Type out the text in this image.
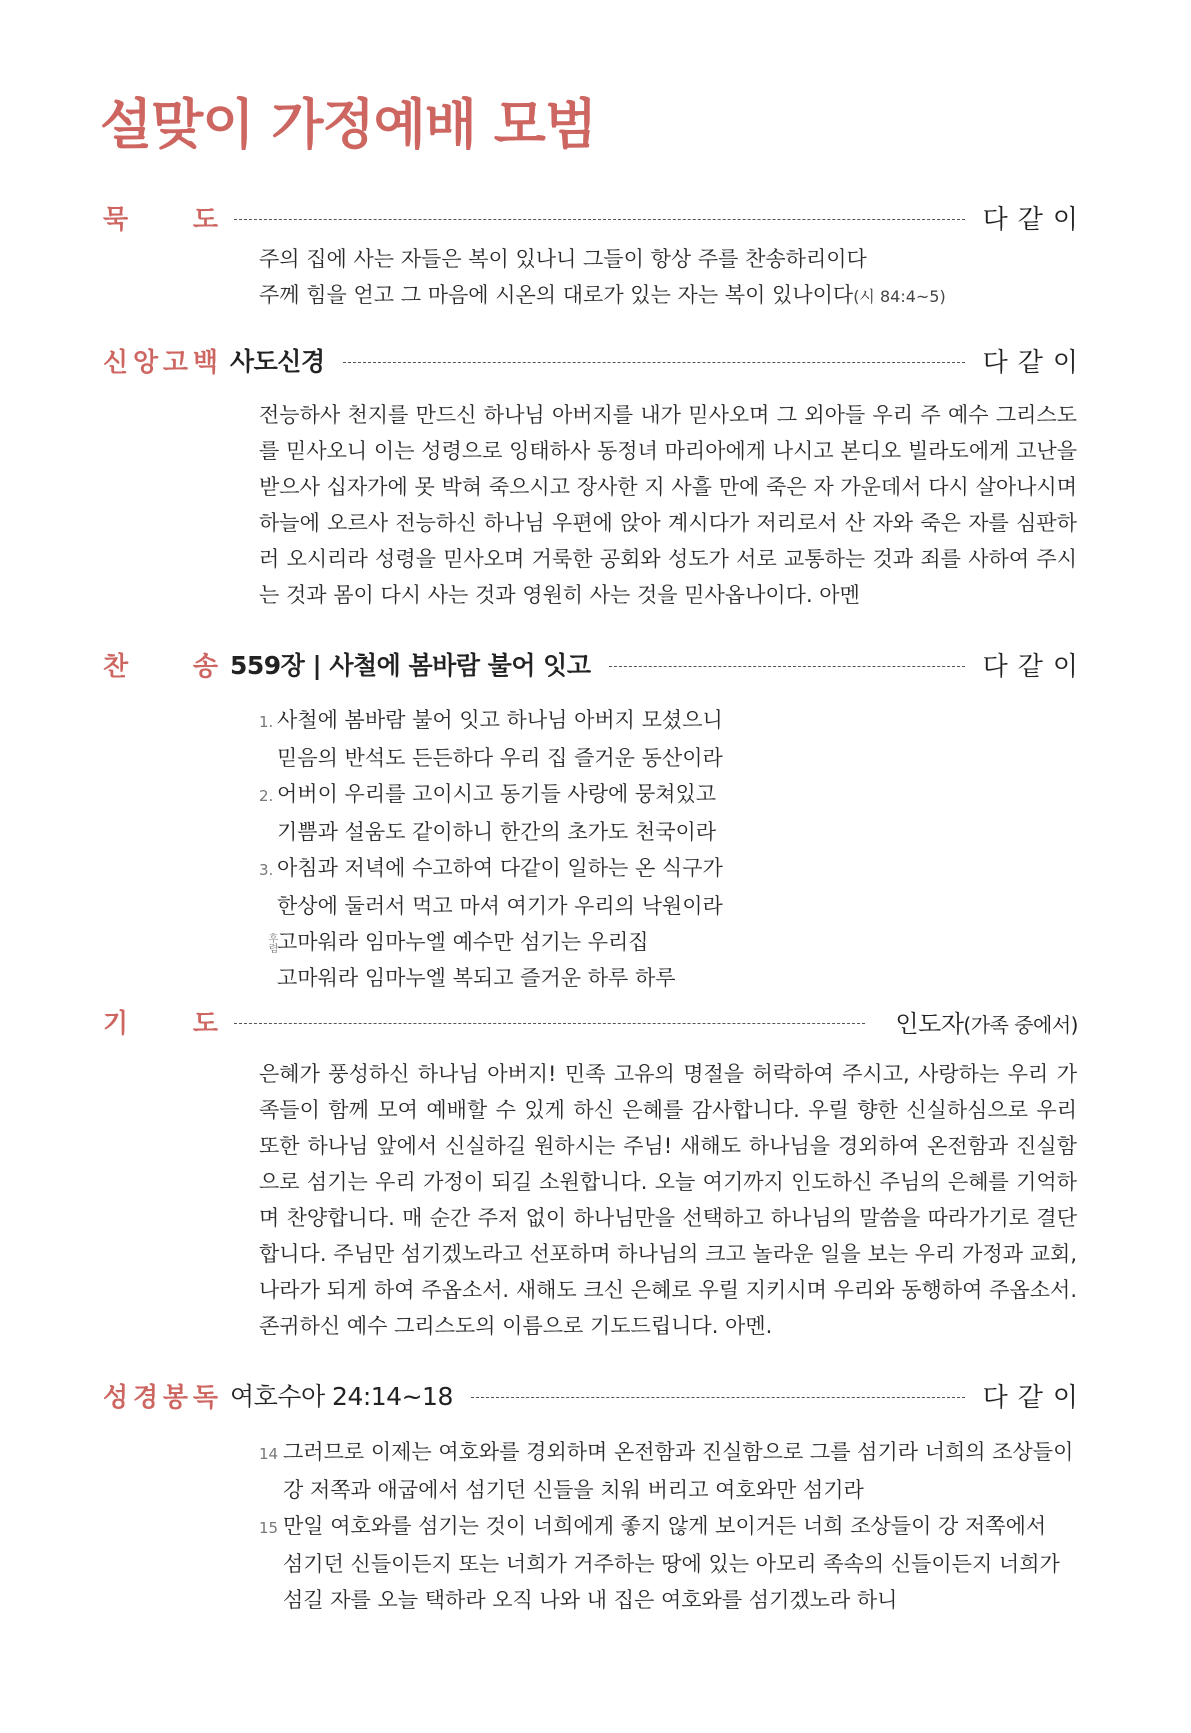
설맞이 가정예배 모범
묵 도	다같이

주의 집에 사는 자들은 복이 있나니 그들이 항상 주를 찬송하리이다

주께 힘을 얻고 그 마음에 시온의 대로가 있는 자는 복이 있나이다(시 84:4~5)

신 앙 고 백 사도신경	다같이

전능하사 천지를 만드신 하나님 아버지를 내가 믿사오며 그 외아들 우리 주 예수 그리스도를 믿사오니 이는 성령으로 잉태하사 동정녀 마리아에게 나시고 본디오 빌라도에게 고난을 받으사 십자가에 못 박혀 죽으시고 장사한 지 사흘 만에 죽은 자 가운데서 다시 살아나시며 하늘에 오르사 전능하신 하나님 우편에 앉아 계시다가 저리로서 산 자와 죽은 자를 심판하러 오시리라 성령을 믿사오며 거룩한 공회와 성도가 서로 교통하는 것과 죄를 사하여 주시는 것과 몸이 다시 사는 것과 영원히 사는 것을 믿사옵나이다. 아멘

찬 송 559장 | 사철에 봄바람 불어 잇고	다같이

1. 사철에 봄바람 불어 잇고 하나님 아버지 모셨으니

믿음의 반석도 든든하다 우리 집 즐거운 동산이라

2. 어버이 우리를 고이시고 동기들 사랑에 뭉쳐있고

기쁨과 설움도 같이하니 한간의 초가도 천국이라

3. 아침과 저녁에 수고하여 다같이 일하는 온 식구가

한상에 둘러서 먹고 마셔 여기가 우리의 낙원이라

후렴고마워라 임마누엘 예수만 섬기는 우리집

고마워라 임마누엘 복되고 즐거운 하루 하루

기 도	인도자(가족 중에서)

은혜가 풍성하신 하나님 아버지! 민족 고유의 명절을 허락하여 주시고, 사랑하는 우리 가족들이 함께 모여 예배할 수 있게 하신 은혜를 감사합니다. 우릴 향한 신실하심으로 우리 또한 하나님 앞에서 신실하길 원하시는 주님! 새해도 하나님을 경외하여 온전함과 진실함으로 섬기는 우리 가정이 되길 소원합니다. 오늘 여기까지 인도하신 주님의 은혜를 기억하며 찬양합니다. 매 순간 주저 없이 하나님만을 선택하고 하나님의 말씀을 따라가기로 결단합니다. 주님만 섬기겠노라고 선포하며 하나님의 크고 놀라운 일을 보는 우리 가정과 교회, 나라가 되게 하여 주옵소서. 새해도 크신 은혜로 우릴 지키시며 우리와 동행하여 주옵소서. 존귀하신 예수 그리스도의 이름으로 기도드립니다. 아멘.

성 경 봉 독 여호수아 24:14~18	다같이

14 그러므로 이제는 여호와를 경외하며 온전함과 진실함으로 그를 섬기라 너희의 조상들이

강 저쪽과 애굽에서 섬기던 신들을 치워 버리고 여호와만 섬기라

15 만일 여호와를 섬기는 것이 너희에게 좋지 않게 보이거든 너희 조상들이 강 저쪽에서

섬기던 신들이든지 또는 너희가 거주하는 땅에 있는 아모리 족속의 신들이든지 너희가

섬길 자를 오늘 택하라 오직 나와 내 집은 여호와를 섬기겠노라 하니
